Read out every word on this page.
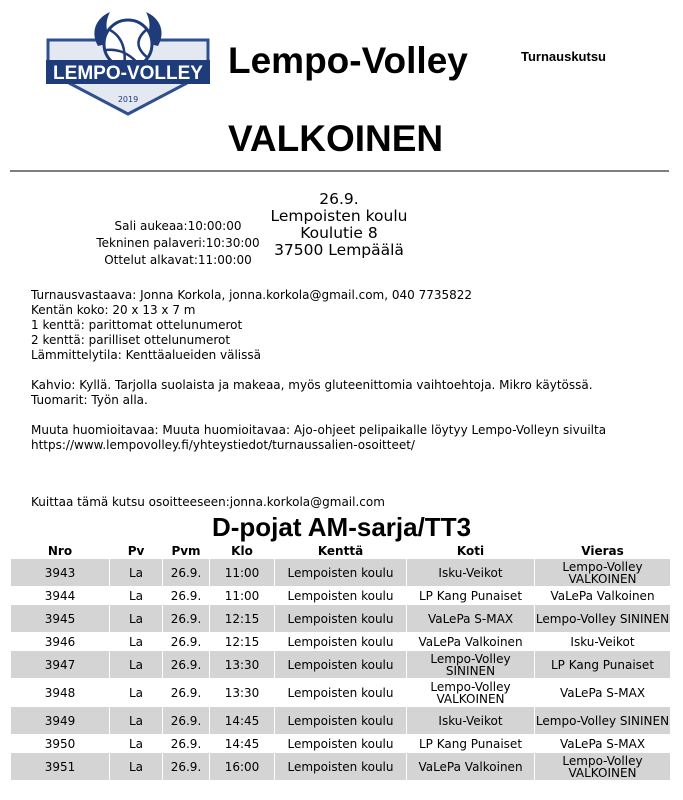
LEMPO-VOLLEY
2019
Lempo-Volley	Turnauskutsu
VALKOINEN
Sali aukeaa:10:00:00
Tekninen palaveri:10:30:00
Ottelut alkavat:11:00:00
26.9.
Lempoisten koulu
Koulutie 8
37500 Lempäälä
Turnausvastaava: Jonna Korkola, jonna.korkola@gmail.com, 040 7735822
Kentän koko: 20 x 13 x 7 m
1 kenttä: parittomat ottelunumerot
2 kenttä: parilliset ottelunumerot
Lämmittelytila: Kenttäalueiden välissä
Kahvio: Kyllä. Tarjolla suolaista ja makeaa, myös gluteenittomia vaihtoehtoja. Mikro käytössä.
Tuomarit: Työn alla.
Muuta huomioitavaa: Muuta huomioitavaa: Ajo-ohjeet pelipaikalle löytyy Lempo-Volleyn sivuilta
https://www.lempovolley.fi/yhteystiedot/turnaussalien-osoitteet/
Kuittaa tämä kutsu osoitteeseen:jonna.korkola@gmail.com
D-pojat AM-sarja/TT3
Nro	Pv	Pvm	Klo	Kenttä	Koti	Vieras
3943	La	26.9.	11:00	Lempoisten koulu	Isku-Veikot	Lempo-Volley VALKOINEN
3944	La	26.9.	11:00	Lempoisten koulu	LP Kang Punaiset	VaLePa Valkoinen
3945	La	26.9.	12:15	Lempoisten koulu	VaLePa S-MAX	Lempo-Volley SININEN
3946	La	26.9.	12:15	Lempoisten koulu	VaLePa Valkoinen	Isku-Veikot
3947	La	26.9.	13:30	Lempoisten koulu	Lempo-Volley SININEN	LP Kang Punaiset
3948	La	26.9.	13:30	Lempoisten koulu	Lempo-Volley VALKOINEN	VaLePa S-MAX
3949	La	26.9.	14:45	Lempoisten koulu	Isku-Veikot	Lempo-Volley SININEN
3950	La	26.9.	14:45	Lempoisten koulu	LP Kang Punaiset	VaLePa S-MAX
3951	La	26.9.	16:00	Lempoisten koulu	VaLePa Valkoinen	Lempo-Volley VALKOINEN
